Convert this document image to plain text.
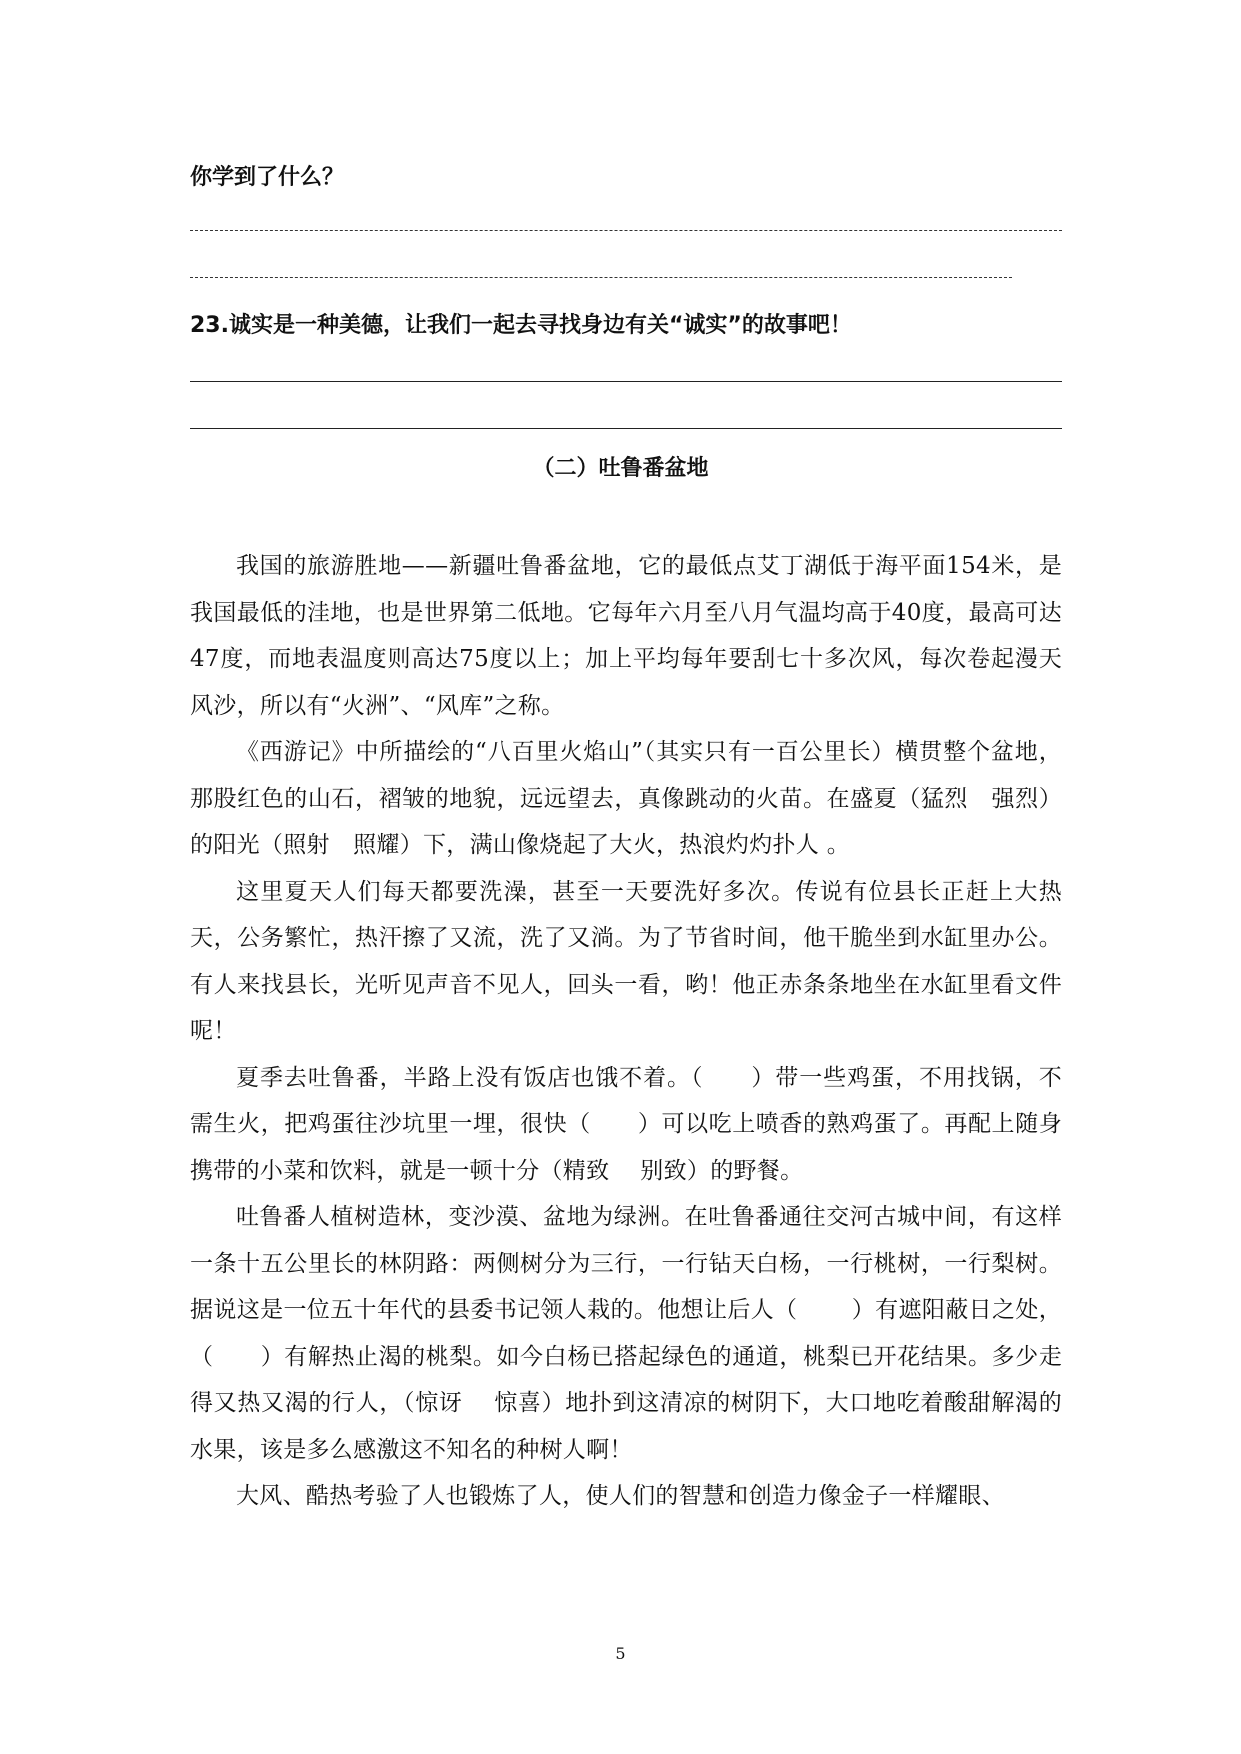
你学到了什么？
23.诚实是一种美德，让我们一起去寻找身边有关“诚实”的故事吧！
（二）吐鲁番盆地

我国的旅游胜地——新疆吐鲁番盆地，它的最低点艾丁湖低于海平面154米，是我国最低的洼地，也是世界第二低地。它每年六月至八月气温均高于40度，最高可达47度，而地表温度则高达75度以上；加上平均每年要刮七十多次风，每次卷起漫天风沙，所以有“火洲”、“风库”之称。

《西游记》中所描绘的“八百里火焰山”（其实只有一百公里长）横贯整个盆地，那股红色的山石，褶皱的地貌，远远望去，真像跳动的火苗。在盛夏（猛烈　强烈）的阳光（照射　照耀）下，满山像烧起了大火，热浪灼灼扑人 。

这里夏天人们每天都要洗澡，甚至一天要洗好多次。传说有位县长正赶上大热天，公务繁忙，热汗擦了又流，洗了又淌。为了节省时间，他干脆坐到水缸里办公。有人来找县长，光听见声音不见人，回头一看，哟！他正赤条条地坐在水缸里看文件呢！

夏季去吐鲁番，半路上没有饭店也饿不着。（　　）带一些鸡蛋，不用找锅，不需生火，把鸡蛋往沙坑里一埋，很快（　　）可以吃上喷香的熟鸡蛋了。再配上随身携带的小菜和饮料，就是一顿十分（精致　 别致）的野餐。

吐鲁番人植树造林，变沙漠、盆地为绿洲。在吐鲁番通往交河古城中间，有这样一条十五公里长的林阴路：两侧树分为三行，一行钻天白杨，一行桃树，一行梨树。据说这是一位五十年代的县委书记领人栽的。他想让后人（　　 ）有遮阳蔽日之处，（　　）有解热止渴的桃梨。如今白杨已搭起绿色的通道，桃梨已开花结果。多少走得又热又渴的行人，（惊讶　 惊喜）地扑到这清凉的树阴下，大口地吃着酸甜解渴的水果，该是多么感激这不知名的种树人啊！

大风、酷热考验了人也锻炼了人，使人们的智慧和创造力像金子一样耀眼、

5
